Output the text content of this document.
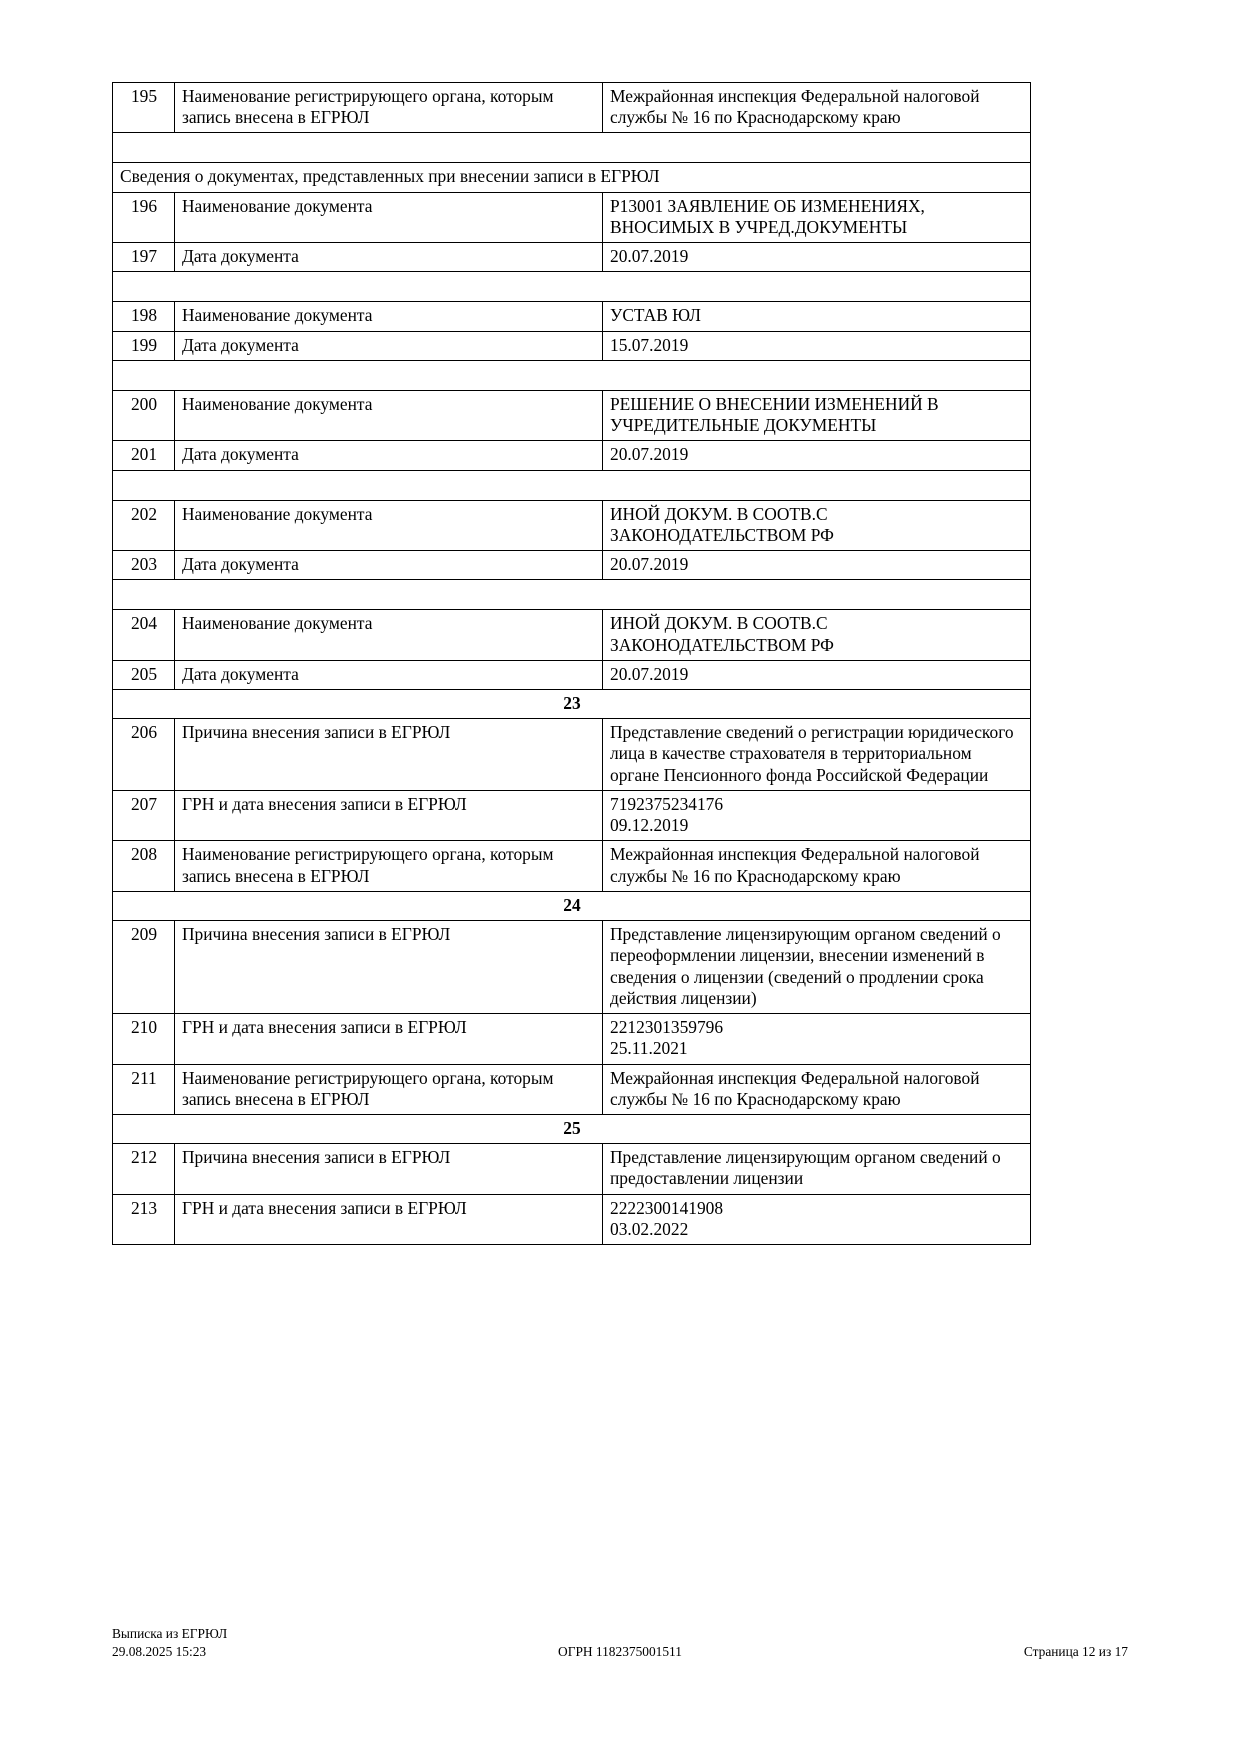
195	Наименование регистрирующего органа, которым запись внесена в ЕГРЮЛ	Межрайонная инспекция Федеральной налоговой службы № 16 по Краснодарскому краю

Сведения о документах, представленных при внесении записи в ЕГРЮЛ		
196	Наименование документа	Р13001 ЗАЯВЛЕНИЕ ОБ ИЗМЕНЕНИЯХ, ВНОСИМЫХ В УЧРЕД.ДОКУМЕНТЫ
197	Дата документа	20.07.2019

198	Наименование документа	УСТАВ ЮЛ
199	Дата документа	15.07.2019

200	Наименование документа	РЕШЕНИЕ О ВНЕСЕНИИ ИЗМЕНЕНИЙ В УЧРЕДИТЕЛЬНЫЕ ДОКУМЕНТЫ
201	Дата документа	20.07.2019

202	Наименование документа	ИНОЙ ДОКУМ. В СООТВ.С ЗАКОНОДАТЕЛЬСТВОМ РФ
203	Дата документа	20.07.2019

204	Наименование документа	ИНОЙ ДОКУМ. В СООТВ.С ЗАКОНОДАТЕЛЬСТВОМ РФ
205	Дата документа	20.07.2019
23		
206	Причина внесения записи в ЕГРЮЛ	Представление сведений о регистрации юридического лица в качестве страхователя в территориальном органе Пенсионного фонда Российской Федерации
207	ГРН и дата внесения записи в ЕГРЮЛ	7192375234176
09.12.2019
208	Наименование регистрирующего органа, которым запись внесена в ЕГРЮЛ	Межрайонная инспекция Федеральной налоговой службы № 16 по Краснодарскому краю
24		
209	Причина внесения записи в ЕГРЮЛ	Представление лицензирующим органом сведений о переоформлении лицензии, внесении изменений в сведения о лицензии (сведений о продлении срока действия лицензии)
210	ГРН и дата внесения записи в ЕГРЮЛ	2212301359796
25.11.2021
211	Наименование регистрирующего органа, которым запись внесена в ЕГРЮЛ	Межрайонная инспекция Федеральной налоговой службы № 16 по Краснодарскому краю
25		
212	Причина внесения записи в ЕГРЮЛ	Представление лицензирующим органом сведений о предоставлении лицензии
213	ГРН и дата внесения записи в ЕГРЮЛ	2222300141908
03.02.2022
Выписка из ЕГРЮЛ
29.08.2025 15:23	ОГРН 1182375001511	Страница 12 из 17
